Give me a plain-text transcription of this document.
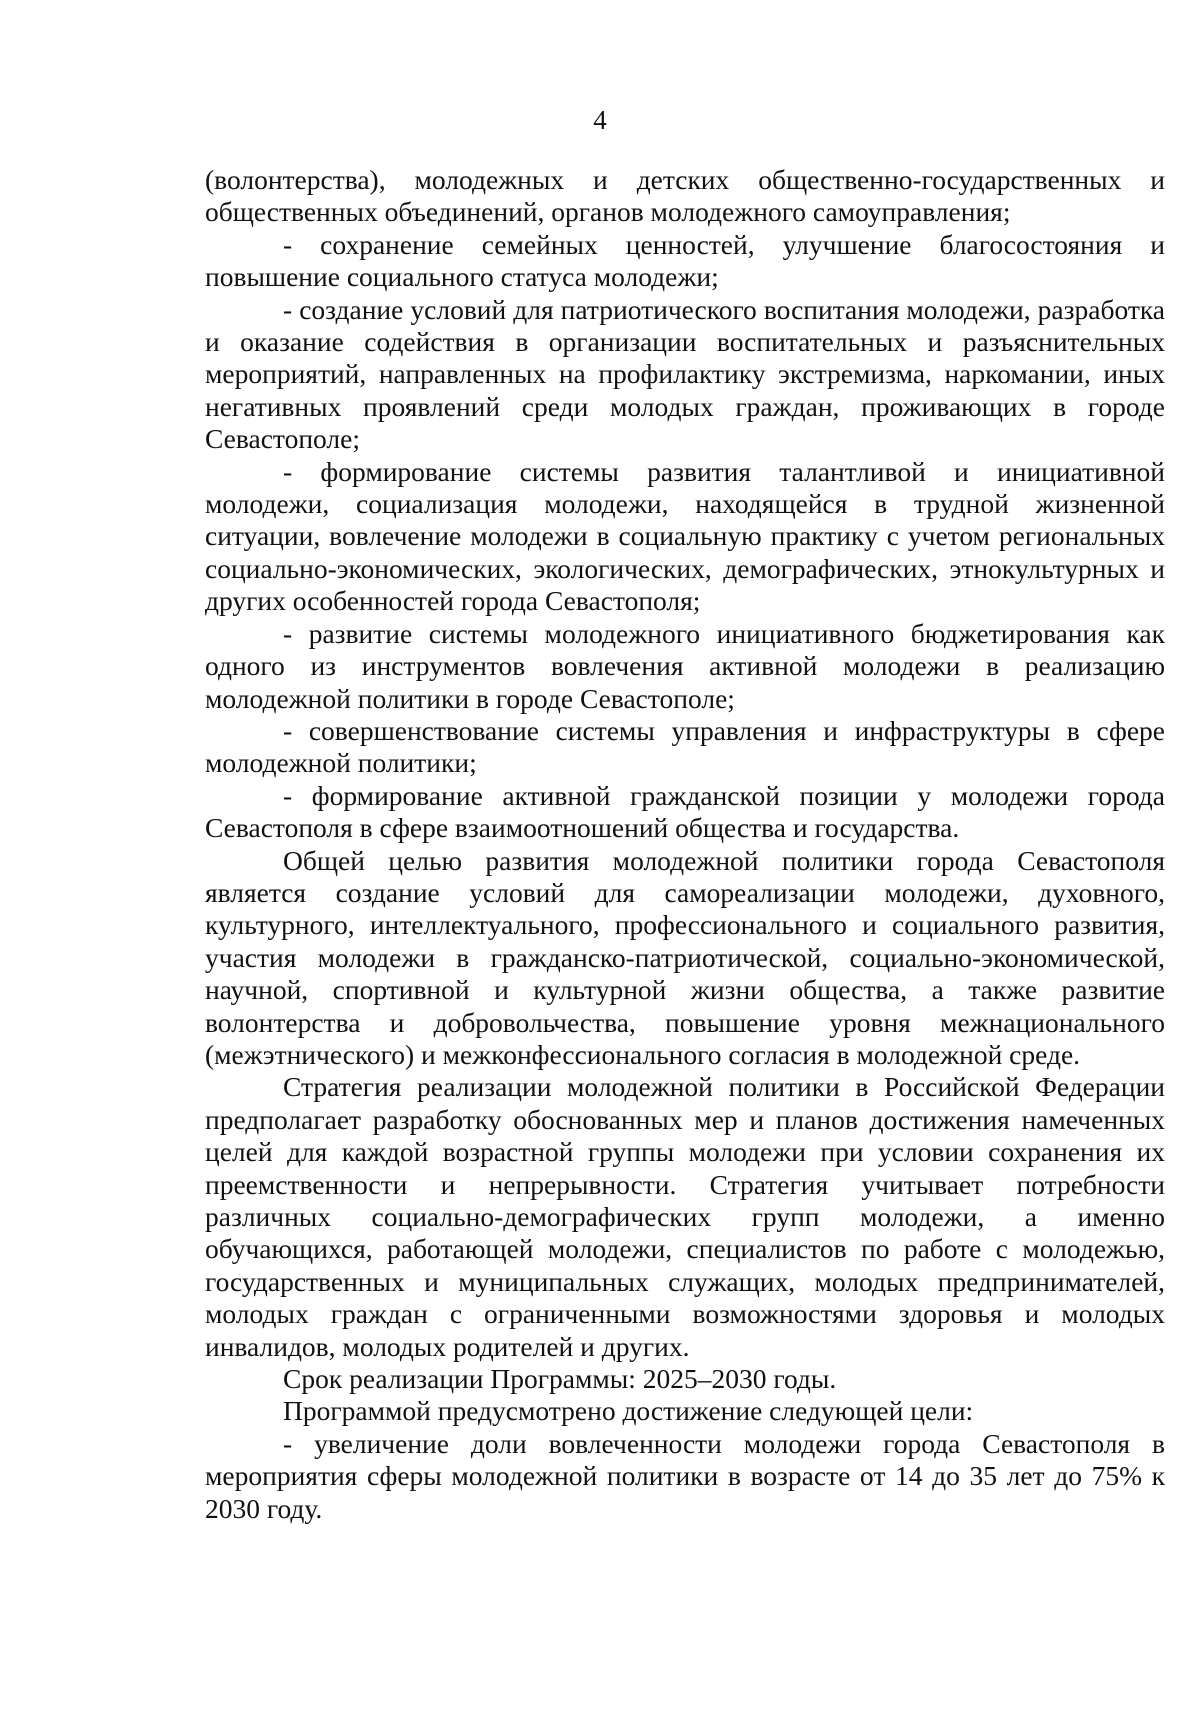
4

(волонтерства), молодежных и детских общественно-государственных и общественных объединений, органов молодежного самоуправления;

- сохранение семейных ценностей, улучшение благосостояния и повышение социального статуса молодежи;

- создание условий для патриотического воспитания молодежи, разработка и оказание содействия в организации воспитательных и разъяснительных мероприятий, направленных на профилактику экстремизма, наркомании, иных негативных проявлений среди молодых граждан, проживающих в городе Севастополе;

- формирование системы развития талантливой и инициативной молодежи, социализация молодежи, находящейся в трудной жизненной ситуации, вовлечение молодежи в социальную практику с учетом региональных социально-экономических, экологических, демографических, этнокультурных и других особенностей города Севастополя;

- развитие системы молодежного инициативного бюджетирования как одного из инструментов вовлечения активной молодежи в реализацию молодежной политики в городе Севастополе;

- совершенствование системы управления и инфраструктуры в сфере молодежной политики;

- формирование активной гражданской позиции у молодежи города Севастополя в сфере взаимоотношений общества и государства.

Общей целью развития молодежной политики города Севастополя является создание условий для самореализации молодежи, духовного, культурного, интеллектуального, профессионального и социального развития, участия молодежи в гражданско-патриотической, социально-экономической, научной, спортивной и культурной жизни общества, а также развитие волонтерства и добровольчества, повышение уровня межнационального (межэтнического) и межконфессионального согласия в молодежной среде.

Стратегия реализации молодежной политики в Российской Федерации предполагает разработку обоснованных мер и планов достижения намеченных целей для каждой возрастной группы молодежи при условии сохранения их преемственности и непрерывности. Стратегия учитывает потребности различных социально-демографических групп молодежи, а именно обучающихся, работающей молодежи, специалистов по работе с молодежью, государственных и муниципальных служащих, молодых предпринимателей, молодых граждан с ограниченными возможностями здоровья и молодых инвалидов, молодых родителей и других.

Срок реализации Программы: 2025–2030 годы.

Программой предусмотрено достижение следующей цели:

- увеличение доли вовлеченности молодежи города Севастополя в мероприятия сферы молодежной политики в возрасте от 14 до 35 лет до 75% к 2030 году.
